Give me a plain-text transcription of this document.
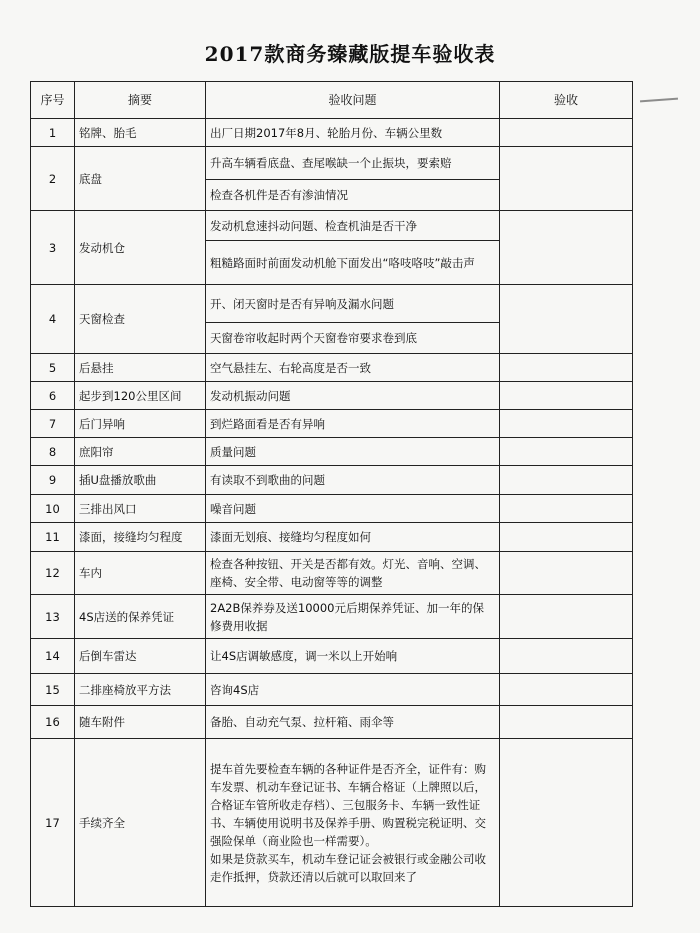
2017款商务臻藏版提车验收表
序号	摘要	验收问题	验收
1	铭牌、胎毛	出厂日期2017年8月、轮胎月份、车辆公里数	
2	底盘	升高车辆看底盘、查尾喉缺一个止振块，要索赔	
		检查各机件是否有渗油情况	
3	发动机仓	发动机怠速抖动问题、检查机油是否干净	
		粗糙路面时前面发动机舱下面发出“咯吱咯吱”敲击声	
4	天窗检查	开、闭天窗时是否有异响及漏水问题	
		天窗卷帘收起时两个天窗卷帘要求卷到底	
5	后悬挂	空气悬挂左、右轮高度是否一致	
6	起步到120公里区间	发动机振动问题	
7	后门异响	到烂路面看是否有异响	
8	庶阳帘	质量问题	
9	插U盘播放歌曲	有读取不到歌曲的问题	
10	三排出风口	噪音问题	
11	漆面，接缝均匀程度	漆面无划痕、接缝均匀程度如何	
12	车内	检查各种按钮、开关是否都有效。灯光、音响、空调、座椅、安全带、电动窗等等的调整	
13	4S店送的保养凭证	2A2B保养券及送10000元后期保养凭证、加一年的保修费用收据	
14	后倒车雷达	让4S店调敏感度，调一米以上开始响	
15	二排座椅放平方法	咨询4S店	
16	随车附件	备胎、自动充气泵、拉杆箱、雨伞等	
17	手续齐全	提车首先要检查车辆的各种证件是否齐全，证件有：购车发票、机动车登记证书、车辆合格证（上牌照以后，合格证车管所收走存档）、三包服务卡、车辆一致性证书、车辆使用说明书及保养手册、购置税完税证明、交强险保单（商业险也一样需要）。
如果是贷款买车，机动车登记证会被银行或金融公司收走作抵押，贷款还清以后就可以取回来了	
